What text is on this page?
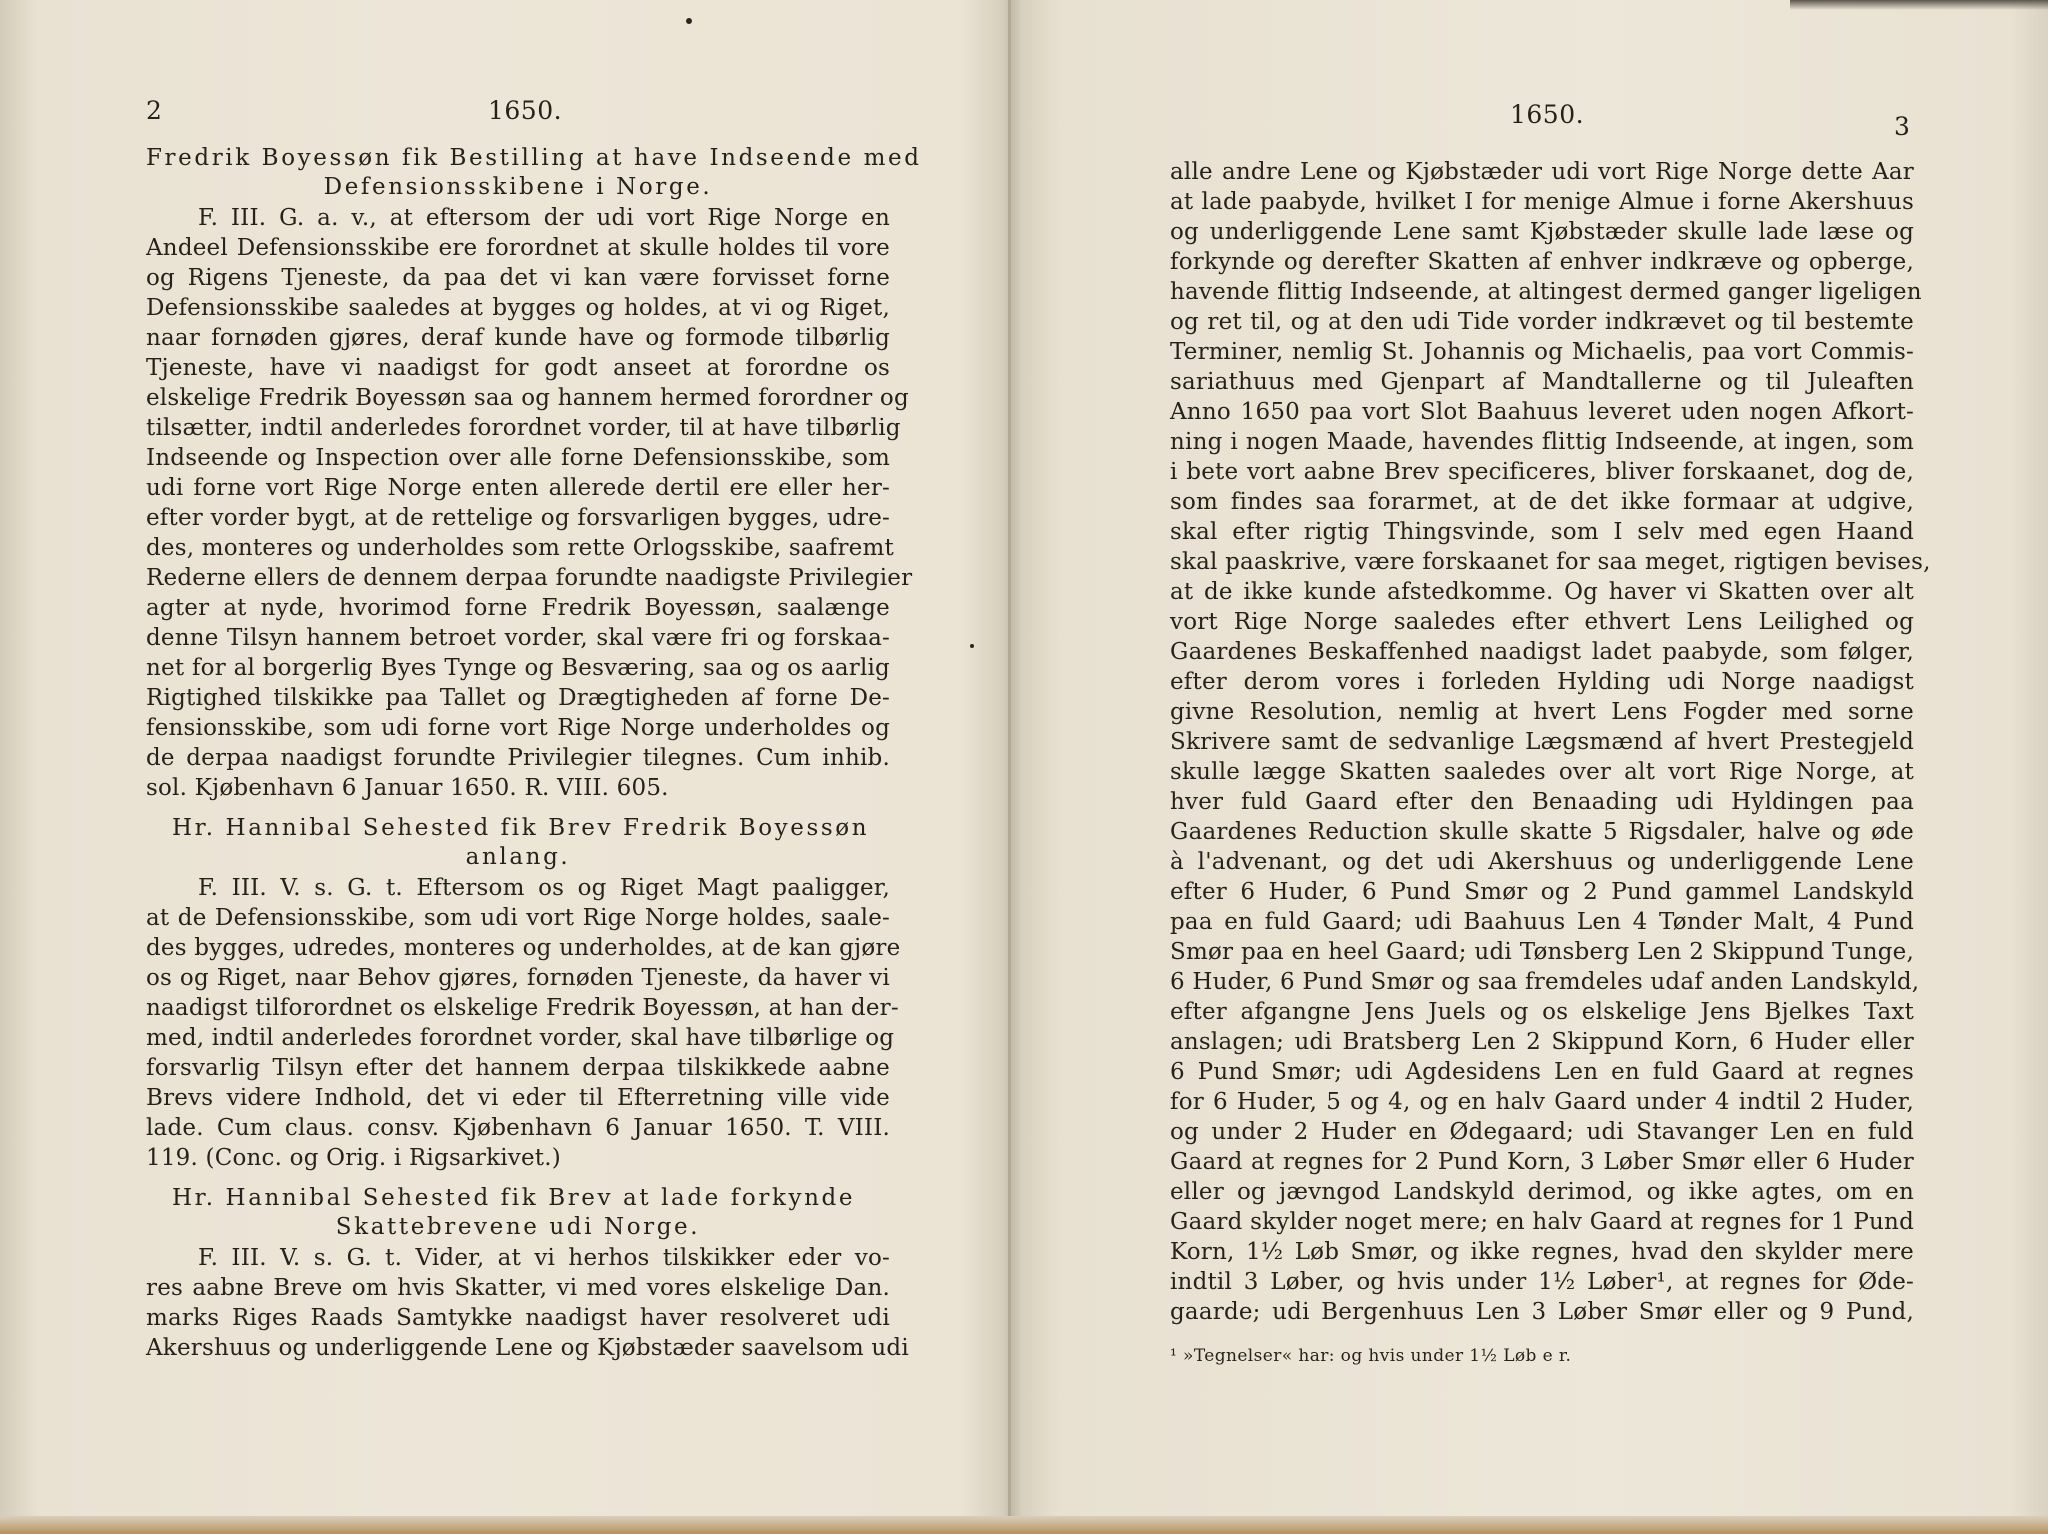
2	1650.
Fredrik Boyessøn fik Bestilling at have Indseende med
Defensionsskibene i Norge.
F. III. G. a. v., at eftersom der udi vort Rige Norge en
Andeel Defensionsskibe ere forordnet at skulle holdes til vore
og Rigens Tjeneste, da paa det vi kan være forvisset forne
Defensionsskibe saaledes at bygges og holdes, at vi og Riget,
naar fornøden gjøres, deraf kunde have og formode tilbørlig
Tjeneste, have vi naadigst for godt anseet at forordne os
elskelige Fredrik Boyessøn saa og hannem hermed forordner og
tilsætter, indtil anderledes forordnet vorder, til at have tilbørlig
Indseende og Inspection over alle forne Defensionsskibe, som
udi forne vort Rige Norge enten allerede dertil ere eller her-
efter vorder bygt, at de rettelige og forsvarligen bygges, udre-
des, monteres og underholdes som rette Orlogsskibe, saafremt
Rederne ellers de dennem derpaa forundte naadigste Privilegier
agter at nyde, hvorimod forne Fredrik Boyessøn, saalænge
denne Tilsyn hannem betroet vorder, skal være fri og forskaa-
net for al borgerlig Byes Tynge og Besværing, saa og os aarlig
Rigtighed tilskikke paa Tallet og Drægtigheden af forne De-
fensionsskibe, som udi forne vort Rige Norge underholdes og
de derpaa naadigst forundte Privilegier tilegnes. Cum inhib.
sol. Kjøbenhavn 6 Januar 1650. R. VIII. 605.
Hr. Hannibal Sehested fik Brev Fredrik Boyessøn
anlang.
F. III. V. s. G. t. Eftersom os og Riget Magt paaligger,
at de Defensionsskibe, som udi vort Rige Norge holdes, saale-
des bygges, udredes, monteres og underholdes, at de kan gjøre
os og Riget, naar Behov gjøres, fornøden Tjeneste, da haver vi
naadigst tilforordnet os elskelige Fredrik Boyessøn, at han der-
med, indtil anderledes forordnet vorder, skal have tilbørlige og
forsvarlig Tilsyn efter det hannem derpaa tilskikkede aabne
Brevs videre Indhold, det vi eder til Efterretning ville vide
lade. Cum claus. consv. Kjøbenhavn 6 Januar 1650. T. VIII.
119. (Conc. og Orig. i Rigsarkivet.)
Hr. Hannibal Sehested fik Brev at lade forkynde
Skattebrevene udi Norge.
F. III. V. s. G. t. Vider, at vi herhos tilskikker eder vo-
res aabne Breve om hvis Skatter, vi med vores elskelige Dan.
marks Riges Raads Samtykke naadigst haver resolveret udi
Akershuus og underliggende Lene og Kjøbstæder saavelsom udi
1650.	3
alle andre Lene og Kjøbstæder udi vort Rige Norge dette Aar
at lade paabyde, hvilket I for menige Almue i forne Akershuus
og underliggende Lene samt Kjøbstæder skulle lade læse og
forkynde og derefter Skatten af enhver indkræve og opberge,
havende flittig Indseende, at altingest dermed ganger ligeligen
og ret til, og at den udi Tide vorder indkrævet og til bestemte
Terminer, nemlig St. Johannis og Michaelis, paa vort Commis-
sariathuus med Gjenpart af Mandtallerne og til Juleaften
Anno 1650 paa vort Slot Baahuus leveret uden nogen Afkort-
ning i nogen Maade, havendes flittig Indseende, at ingen, som
i bete vort aabne Brev specificeres, bliver forskaanet, dog de,
som findes saa forarmet, at de det ikke formaar at udgive,
skal efter rigtig Thingsvinde, som I selv med egen Haand
skal paaskrive, være forskaanet for saa meget, rigtigen bevises,
at de ikke kunde afstedkomme. Og haver vi Skatten over alt
vort Rige Norge saaledes efter ethvert Lens Leilighed og
Gaardenes Beskaffenhed naadigst ladet paabyde, som følger,
efter derom vores i forleden Hylding udi Norge naadigst
givne Resolution, nemlig at hvert Lens Fogder med sorne
Skrivere samt de sedvanlige Lægsmænd af hvert Prestegjeld
skulle lægge Skatten saaledes over alt vort Rige Norge, at
hver fuld Gaard efter den Benaading udi Hyldingen paa
Gaardenes Reduction skulle skatte 5 Rigsdaler, halve og øde
à l'advenant, og det udi Akershuus og underliggende Lene
efter 6 Huder, 6 Pund Smør og 2 Pund gammel Landskyld
paa en fuld Gaard; udi Baahuus Len 4 Tønder Malt, 4 Pund
Smør paa en heel Gaard; udi Tønsberg Len 2 Skippund Tunge,
6 Huder, 6 Pund Smør og saa fremdeles udaf anden Landskyld,
efter afgangne Jens Juels og os elskelige Jens Bjelkes Taxt
anslagen; udi Bratsberg Len 2 Skippund Korn, 6 Huder eller
6 Pund Smør; udi Agdesidens Len en fuld Gaard at regnes
for 6 Huder, 5 og 4, og en halv Gaard under 4 indtil 2 Huder,
og under 2 Huder en Ødegaard; udi Stavanger Len en fuld
Gaard at regnes for 2 Pund Korn, 3 Løber Smør eller 6 Huder
eller og jævngod Landskyld derimod, og ikke agtes, om en
Gaard skylder noget mere; en halv Gaard at regnes for 1 Pund
Korn, 1½ Løb Smør, og ikke regnes, hvad den skylder mere
indtil 3 Løber, og hvis under 1½ Løber¹, at regnes for Øde-
gaarde; udi Bergenhuus Len 3 Løber Smør eller og 9 Pund,
¹ »Tegnelser« har: og hvis under 1½ Løb e r.
